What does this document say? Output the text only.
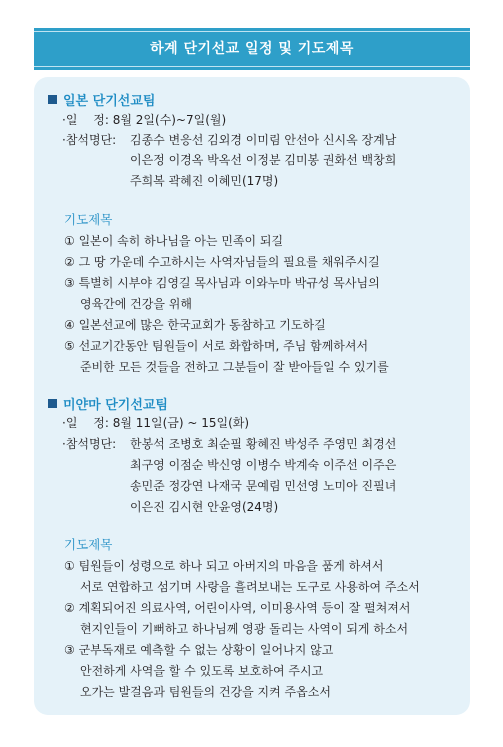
하계 단기선교 일정 및 기도제목
일본 단기선교팀
·일　 정: 8월 2일(수)~7일(월)
·참석명단: 김종수 변응선 김외경 이미림 안선아 신시옥 장계남
이은정 이경옥 박옥선 이정분 김미봉 권화선 백창희
주희복 곽혜진 이혜민(17명)
기도제목
① 일본이 속히 하나님을 아는 민족이 되길
② 그 땅 가운데 수고하시는 사역자님들의 필요를 채워주시길
③ 특별히 시부야 김영길 목사님과 이와누마 박규성 목사님의
영육간에 건강을 위해
④ 일본선교에 많은 한국교회가 동참하고 기도하길
⑤ 선교기간동안 팀원들이 서로 화합하며, 주님 함께하셔서
준비한 모든 것들을 전하고 그분들이 잘 받아들일 수 있기를
미얀마 단기선교팀
·일　 정: 8월 11일(금) ~ 15일(화)
·참석명단: 한봉석 조병호 최순필 황혜진 박성주 주영민 최경선
최구영 이점순 박신영 이병수 박계숙 이주선 이주은
송민준 정강연 나재국 문예림 민선영 노미아 진필녀
이은진 김시현 안윤영(24명)
기도제목
① 팀원들이 성령으로 하나 되고 아버지의 마음을 품게 하셔서
서로 연합하고 섬기며 사랑을 흘려보내는 도구로 사용하여 주소서
② 계획되어진 의료사역, 어린이사역, 이미용사역 등이 잘 펼쳐져서
현지인들이 기뻐하고 하나님께 영광 돌리는 사역이 되게 하소서
③ 군부독재로 예측할 수 없는 상황이 일어나지 않고
안전하게 사역을 할 수 있도록 보호하여 주시고
오가는 발걸음과 팀원들의 건강을 지켜 주옵소서
